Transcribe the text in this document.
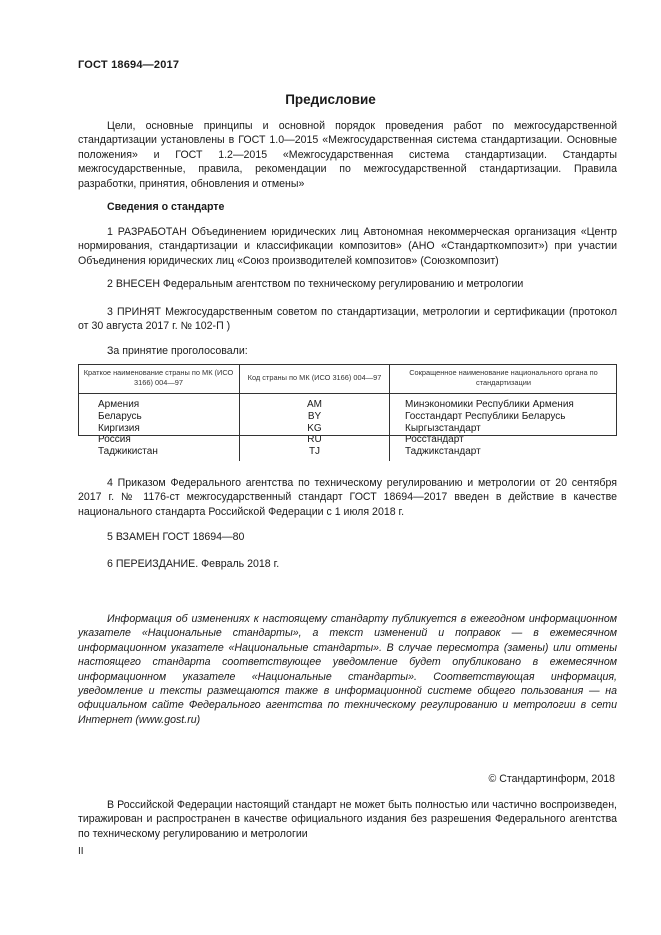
ГОСТ 18694—2017
Предисловие

Цели, основные принципы и основной порядок проведения работ по межгосударственной стандартизации установлены в ГОСТ 1.0—2015 «Межгосударственная система стандартизации. Основные положения» и ГОСТ 1.2—2015 «Межгосударственная система стандартизации. Стандарты межгосударственные, правила, рекомендации по межгосударственной стандартизации. Правила разработки, принятия, обновления и отмены»

Сведения о стандарте

1 РАЗРАБОТАН Объединением юридических лиц Автономная некоммерческая организация «Центр нормирования, стандартизации и классификации композитов» (АНО «Стандарткомпозит») при участии Объединения юридических лиц «Союз производителей композитов» (Союзкомпозит)

2 ВНЕСЕН Федеральным агентством по техническому регулированию и метрологии

3 ПРИНЯТ Межгосударственным советом по стандартизации, метрологии и сертификации (протокол от 30 августа 2017 г. № 102-П )

За принятие проголосовали:
Краткое наименование страны по МК (ИСО 3166) 004—97	Код страны по МК (ИСО 3166) 004—97	Сокращенное наименование национального органа по стандартизации
Армения	AM	Минэкономики Республики Армения
Беларусь	BY	Госстандарт Республики Беларусь
Киргизия	KG	Кыргызстандарт
Россия	RU	Росстандарт
Таджикистан	TJ	Таджикстандарт

4 Приказом Федерального агентства по техническому регулированию и метрологии от 20 сентября 2017 г. № 1176-ст межгосударственный стандарт ГОСТ 18694—2017 введен в действие в качестве национального стандарта Российской Федерации с 1 июля 2018 г.

5 ВЗАМЕН ГОСТ 18694—80

6 ПЕРЕИЗДАНИЕ. Февраль 2018 г.

Информация об изменениях к настоящему стандарту публикуется в ежегодном информационном указателе «Национальные стандарты», а текст изменений и поправок — в ежемесячном информационном указателе «Национальные стандарты». В случае пересмотра (замены) или отмены настоящего стандарта соответствующее уведомление будет опубликовано в ежемесячном информационном указателе «Национальные стандарты». Соответствующая информация, уведомление и тексты размещаются также в информационной системе общего пользования — на официальном сайте Федерального агентства по техническому регулированию и метрологии в сети Интернет (www.gost.ru)

© Стандартинформ, 2018

В Российской Федерации настоящий стандарт не может быть полностью или частично воспроизведен, тиражирован и распространен в качестве официального издания без разрешения Федерального агентства по техническому регулированию и метрологии

II
